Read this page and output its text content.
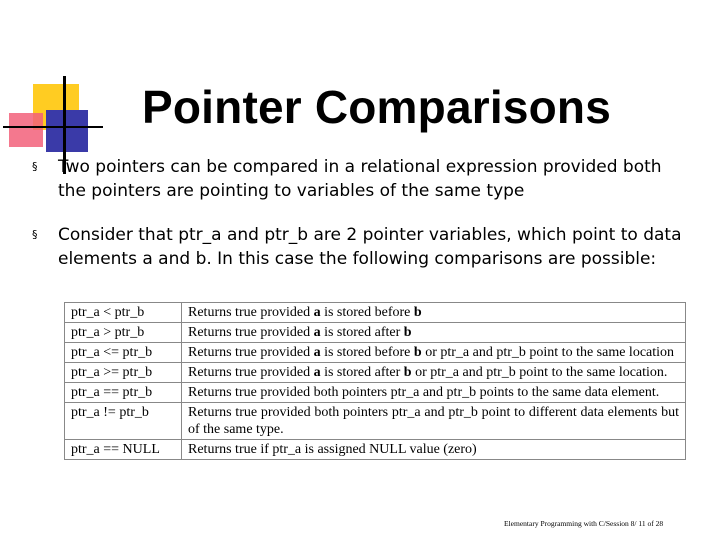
Pointer Comparisons
§ Two pointers can be compared in a relational expression provided both the pointers are pointing to variables of the same type
§ Consider that ptr_a and ptr_b are 2 pointer variables, which point to data elements a and b. In this case the following comparisons are possible:
ptr_a < ptr_b	Returns true provided a is stored before b
ptr_a > ptr_b	Returns true provided a is stored after b
ptr_a <= ptr_b	Returns true provided a is stored before b or ptr_a and ptr_b point to the same location
ptr_a >= ptr_b	Returns true provided a is stored after b or ptr_a and ptr_b point to the same location.
ptr_a == ptr_b	Returns true provided both pointers ptr_a and ptr_b points to the same data element.
ptr_a != ptr_b	Returns true provided both pointers ptr_a and ptr_b point to different data elements but of the same type.
ptr_a == NULL	Returns true if ptr_a is assigned NULL value (zero)
Elementary Programming with C/Session 8/ 11 of 28
